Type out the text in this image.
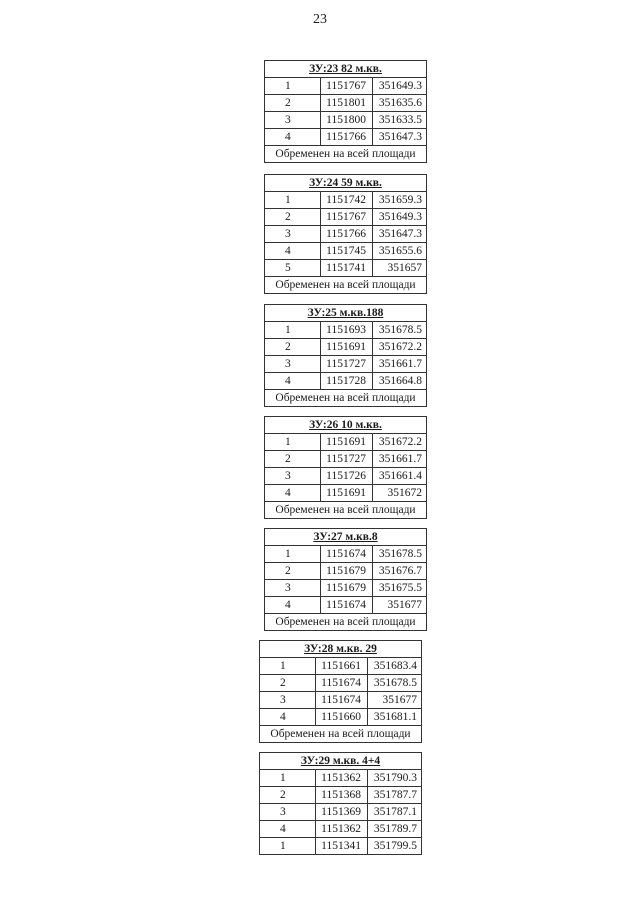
23
ЗУ:23 82 м.кв.		
1	1151767	351649.3
2	1151801	351635.6
3	1151800	351633.5
4	1151766	351647.3
Обременен на всей площади		
ЗУ:24 59 м.кв.		
1	1151742	351659.3
2	1151767	351649.3
3	1151766	351647.3
4	1151745	351655.6
5	1151741	351657
Обременен на всей площади		
ЗУ:25 м.кв.188		
1	1151693	351678.5
2	1151691	351672.2
3	1151727	351661.7
4	1151728	351664.8
Обременен на всей площади		
ЗУ:26 10 м.кв.		
1	1151691	351672.2
2	1151727	351661.7
3	1151726	351661.4
4	1151691	351672
Обременен на всей площади		
ЗУ:27 м.кв.8		
1	1151674	351678.5
2	1151679	351676.7
3	1151679	351675.5
4	1151674	351677
Обременен на всей площади		
ЗУ:28 м.кв. 29		
1	1151661	351683.4
2	1151674	351678.5
3	1151674	351677
4	1151660	351681.1
Обременен на всей площади		
ЗУ:29 м.кв. 4+4		
1	1151362	351790.3
2	1151368	351787.7
3	1151369	351787.1
4	1151362	351789.7
1	1151341	351799.5
